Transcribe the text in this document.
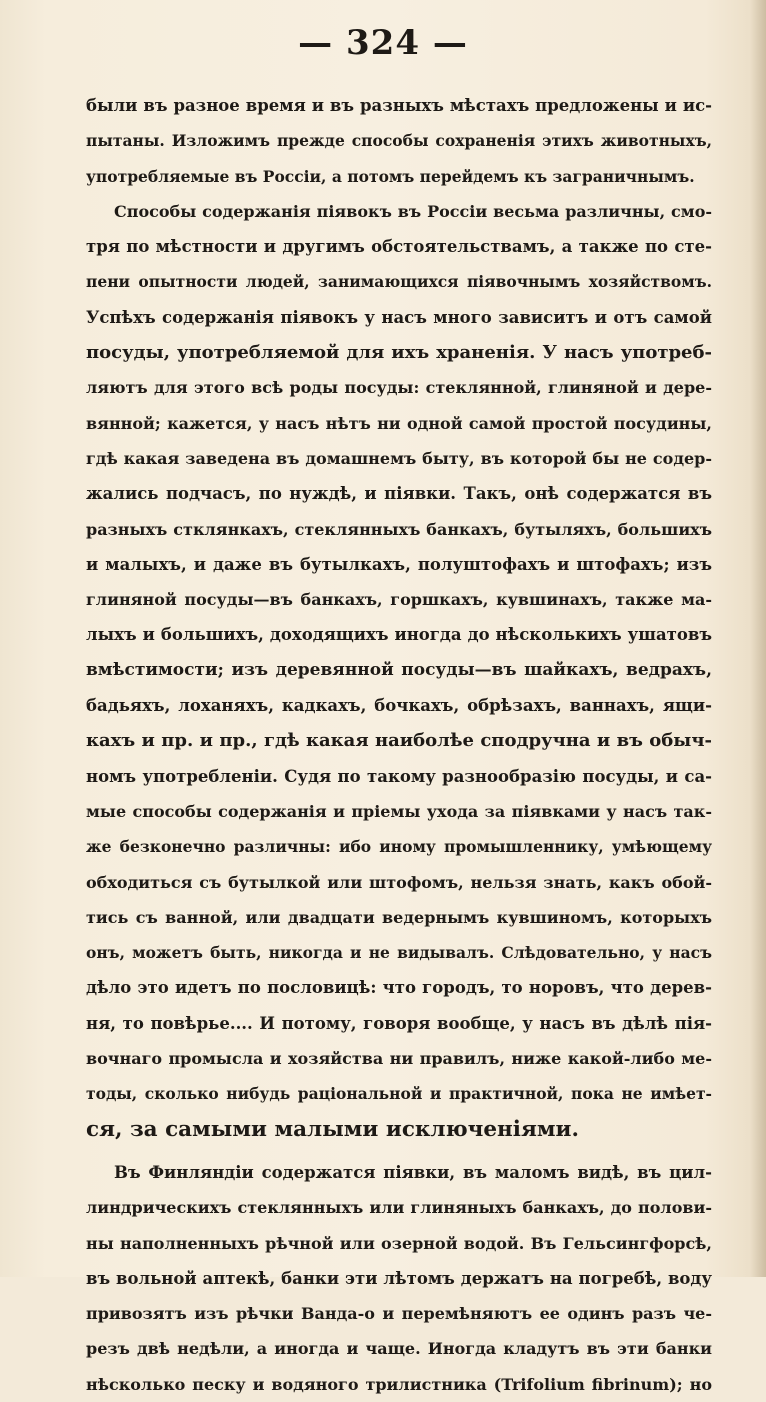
— 324 —
были въ разное время и въ разныхъ мѣстахъ предложены и ис-
пытаны. Изложимъ прежде способы сохраненія этихъ животныхъ,
употребляемые въ Россіи, а потомъ перейдемъ къ заграничнымъ.
Способы содержанія піявокъ въ Россіи весьма различны, смо-
тря по мѣстности и другимъ обстоятельствамъ, а также по сте-
пени опытности людей, занимающихся піявочнымъ хозяйствомъ.
Успѣхъ содержанія піявокъ у насъ много зависитъ и отъ самой
посуды, употребляемой для ихъ храненія. У насъ употреб-
ляютъ для этого всѣ роды посуды: стеклянной, глиняной и дере-
вянной; кажется, у насъ нѣтъ ни одной самой простой посудины,
гдѣ какая заведена въ домашнемъ быту, въ которой бы не содер-
жались подчасъ, по нуждѣ, и піявки. Такъ, онѣ содержатся въ
разныхъ стклянкахъ, стеклянныхъ банкахъ, бутыляхъ, большихъ
и малыхъ, и даже въ бутылкахъ, полуштофахъ и штофахъ; изъ
глиняной посуды—въ банкахъ, горшкахъ, кувшинахъ, также ма-
лыхъ и большихъ, доходящихъ иногда до нѣсколькихъ ушатовъ
вмѣстимости; изъ деревянной посуды—въ шайкахъ, ведрахъ,
бадьяхъ, лоханяхъ, кадкахъ, бочкахъ, обрѣзахъ, ваннахъ, ящи-
кахъ и пр. и пр., гдѣ какая наиболѣе сподручна и въ обыч-
номъ употребленіи. Судя по такому разнообразію посуды, и са-
мые способы содержанія и пріемы ухода за піявками у насъ так-
же безконечно различны: ибо иному промышленнику, умѣющему
обходиться съ бутылкой или штофомъ, нельзя знать, какъ обой-
тись съ ванной, или двадцати ведернымъ кувшиномъ, которыхъ
онъ, можетъ быть, никогда и не видывалъ. Слѣдовательно, у насъ
дѣло это идетъ по пословицѣ: что городъ, то норовъ, что дерев-
ня, то повѣрье.... И потому, говоря вообще, у насъ въ дѣлѣ пія-
вочнаго промысла и хозяйства ни правилъ, ниже какой-либо ме-
тоды, сколько нибудь раціональной и практичной, пока не имѣет-
ся, за самыми малыми исключеніями.
Въ Финляндіи содержатся піявки, въ маломъ видѣ, въ цил-
линдрическихъ стеклянныхъ или глиняныхъ банкахъ, до полови-
ны наполненныхъ рѣчной или озерной водой. Въ Гельсингфорсѣ,
въ вольной аптекѣ, банки эти лѣтомъ держатъ на погребѣ, воду
привозятъ изъ рѣчки Ванда-о и перемѣняютъ ее одинъ разъ че-
резъ двѣ недѣли, а иногда и чаще. Иногда кладутъ въ эти банки
нѣсколько песку и водяного трилистника (Trifolium fibrinum); но
